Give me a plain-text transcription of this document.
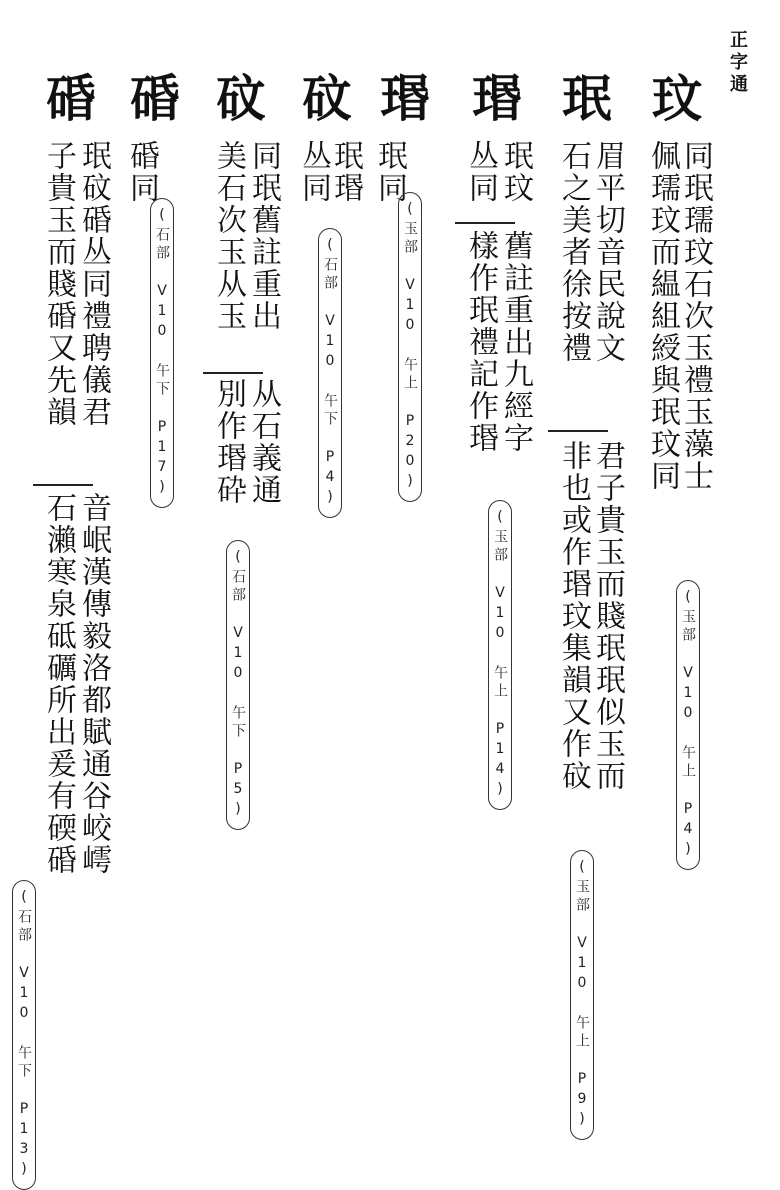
正字通
玟
同珉瓀玟石次玉禮玉藻士
佩瓀玟而緼組綬與珉玟同
(玉部 V10 午上 P4)
珉
眉平切音民說文
石之美者徐按禮
君子貴玉而賤珉珉似玉而
非也或作瑉玟集韻又作砇
(玉部 V10 午上 P9)
瑉
珉玟
丛同
舊註重出九經字
樣作珉禮記作瑉
(玉部 V10 午上 P14)
瑉
珉同
(玉部 V10 午上 P20)
砇
珉瑉
丛同
(石部 V10 午下 P4)
砇
同珉舊註重出
美石次玉从玉
从石義通
別作瑉砕
(石部 V10 午下 P5)
碈
碈同
(石部 V10 午下 P17)
碈
珉砇碈丛同禮聘儀君
子貴玉而賤碈又先韻
音岷漢傳毅洛都賦通谷峧嶀
石瀨寒泉砥礪所出爰有碝碈
(石部 V10 午下 P13)
